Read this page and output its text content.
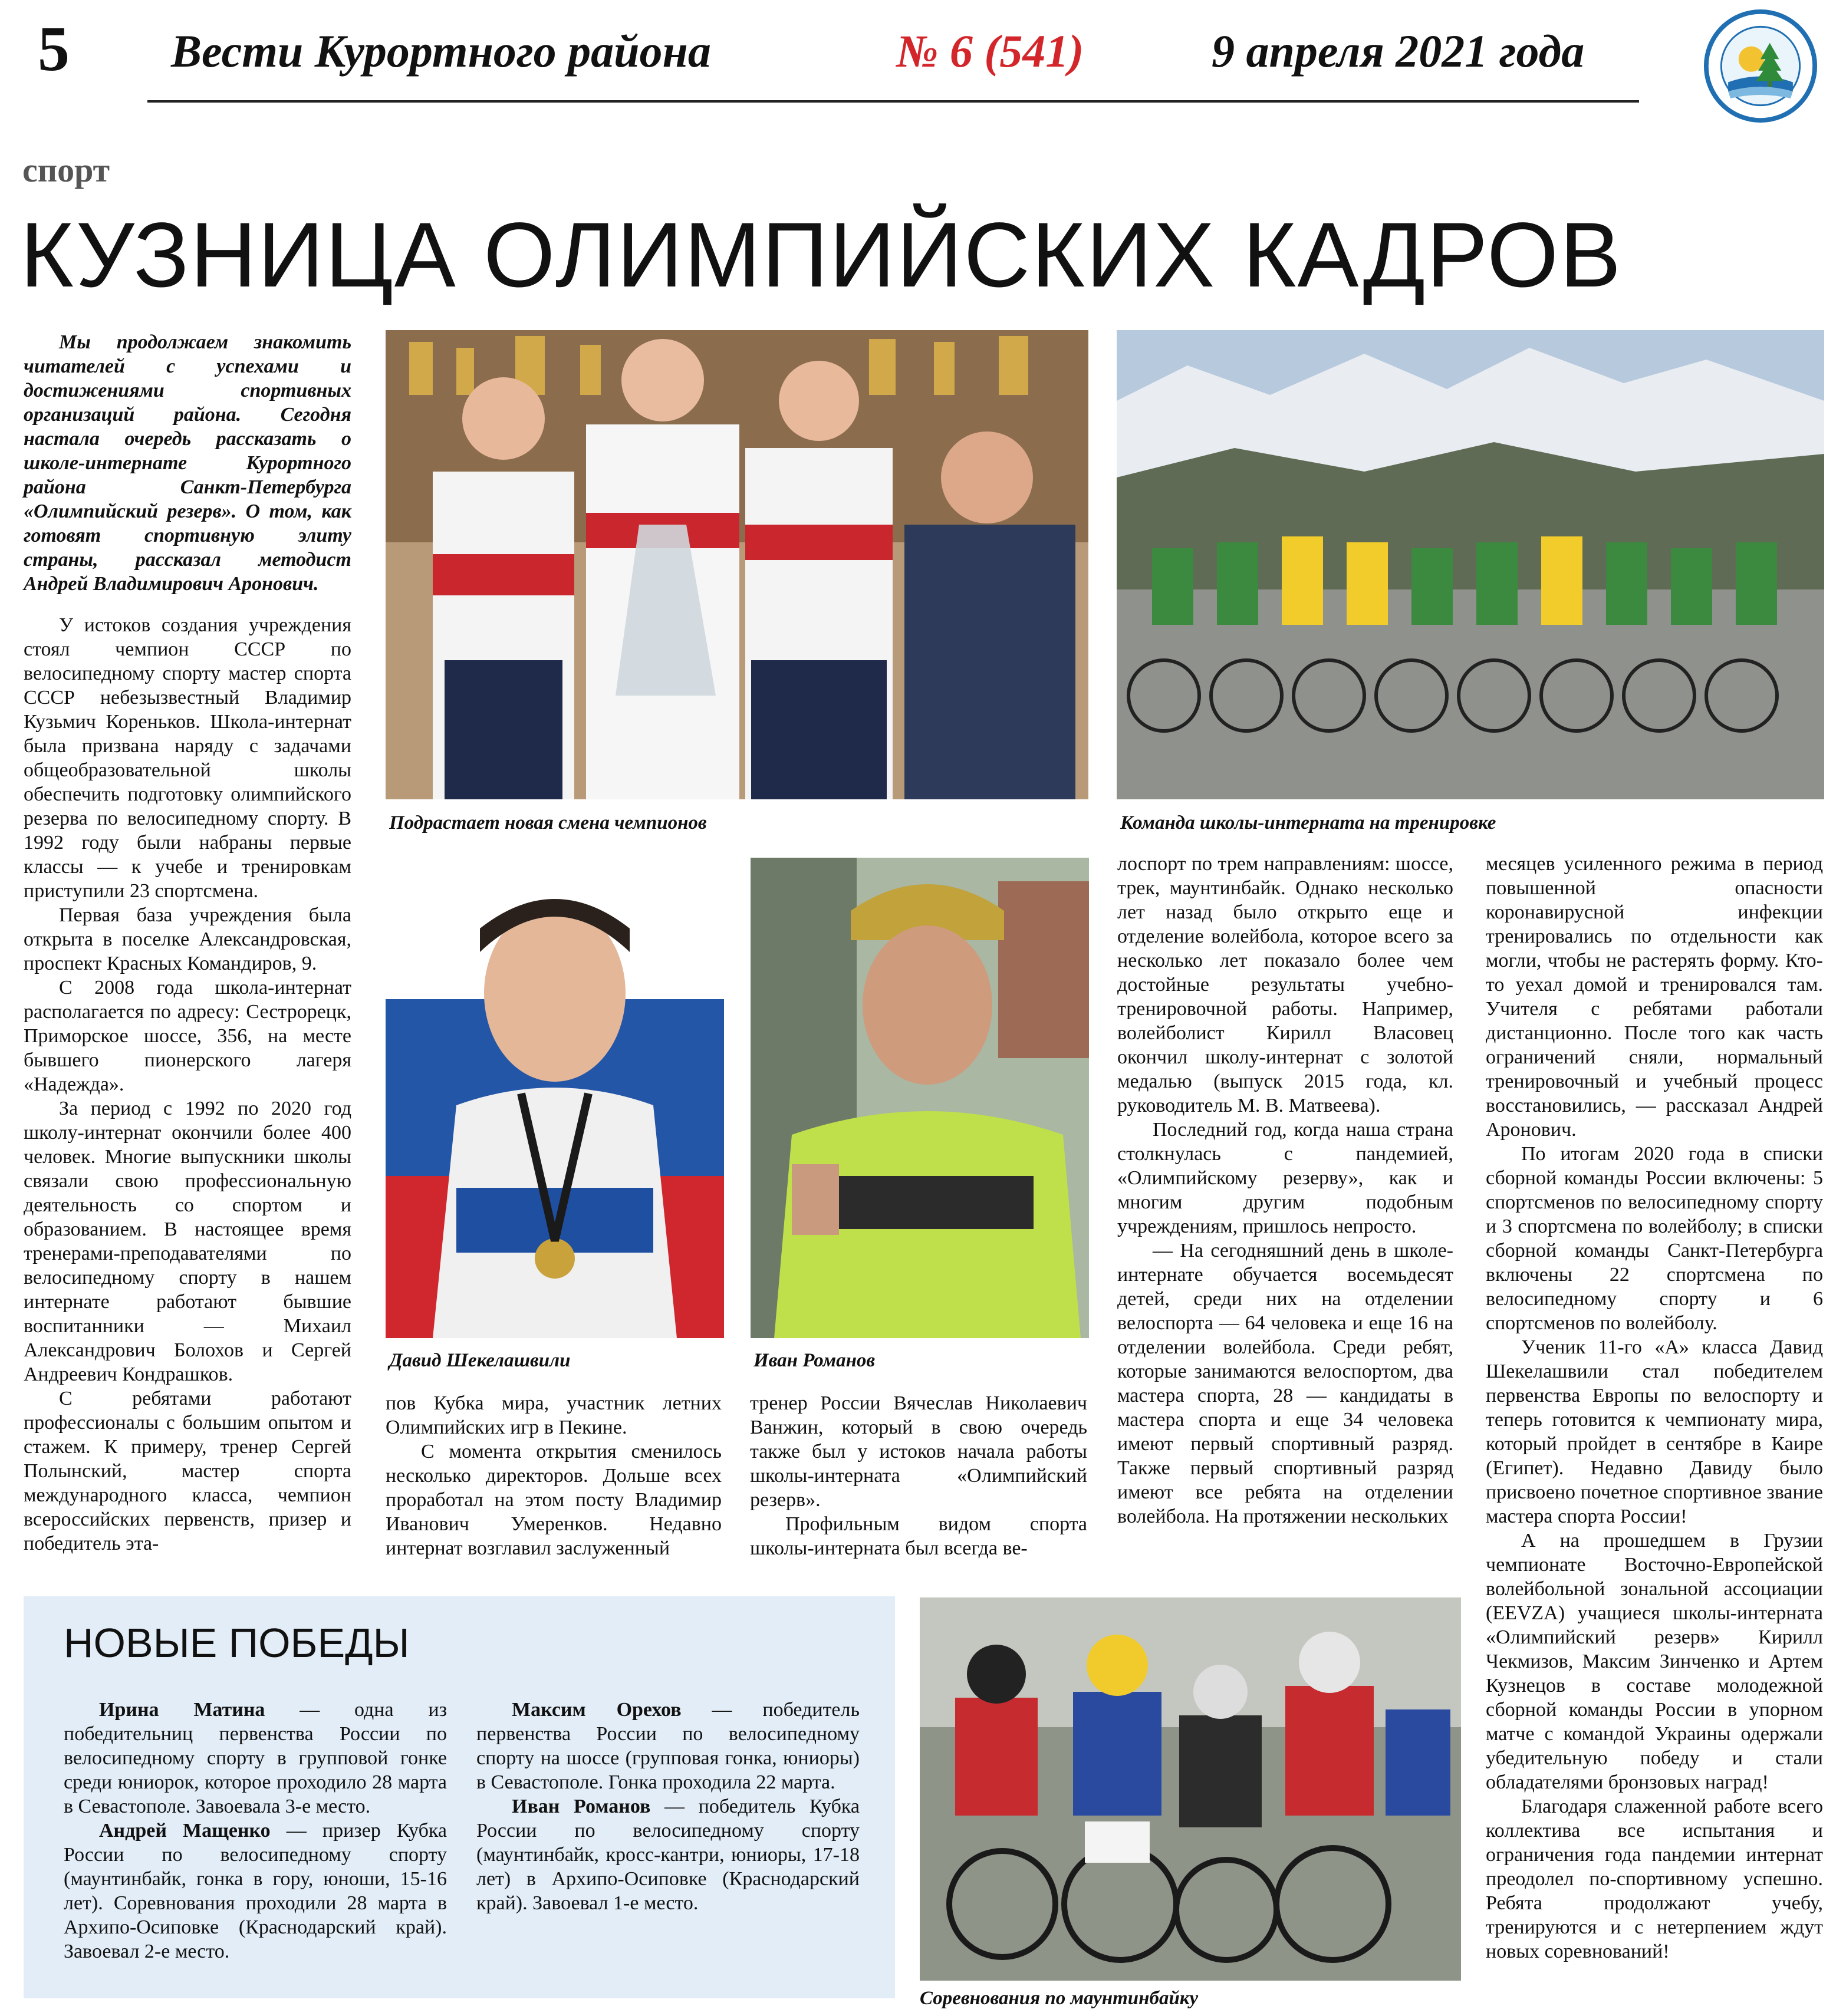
5 Вести Курортного района	№ 6 (541)	9 апреля 2021 года
спорт
КУЗНИЦА ОЛИМПИЙСКИХ КАДРОВ

Мы продолжаем знакомить читателей с успехами и достижениями спортивных организаций района. Сегодня настала очередь рассказать о школе-интернате Курортного района Санкт-Петербурга «Олимпийский резерв». О том, как готовят спортивную элиту страны, рассказал методист Андрей Владимирович Аронович.

У истоков создания учреждения стоял чемпион СССР по велосипедному спорту мастер спорта СССР небезызвестный Владимир Кузьмич Кореньков. Школа-интернат была призвана наряду с задачами общеобразовательной школы обеспечить подготовку олимпийского резерва по велосипедному спорту. В 1992 году были набраны первые классы — к учебе и тренировкам приступили 23 спортсмена.

Первая база учреждения была открыта в поселке Александровская, проспект Красных Командиров, 9.

С 2008 года школа-интернат располагается по адресу: Сестрорецк, Приморское шоссе, 356, на месте бывшего пионерского лагеря «Надежда».

За период с 1992 по 2020 год школу-интернат окончили более 400 человек. Многие выпускники школы связали свою профессиональную деятельность со спортом и образованием. В настоящее время тренерами-преподавателями по велосипедному спорту в нашем интернате работают бывшие воспитанники — Михаил Александрович Болохов и Сергей Андреевич Кондрашков.

С ребятами работают профессионалы с большим опытом и стажем. К примеру, тренер Сергей Полынский, мастер спорта международного класса, чемпион всероссийских первенств, призер и победитель эта-

Подрастает новая смена чемпионов	Команда школы-интерната на тренировке
Давид Шекелашвили	Иван Романов
Соревнования по маунтинбайку

пов Кубка мира, участник летних Олимпийских игр в Пекине.

С момента открытия сменилось несколько директоров. Дольше всех проработал на этом посту Владимир Иванович Умеренков. Недавно интернат возглавил заслуженный

тренер России Вячеслав Николаевич Ванжин, который в свою очередь также был у истоков начала работы школы-интерната «Олимпийский резерв».

Профильным видом спорта школы-интерната был всегда ве-

лоспорт по трем направлениям: шоссе, трек, маунтинбайк. Однако несколько лет назад было открыто еще и отделение волейбола, которое всего за несколько лет показало более чем достойные результаты учебно-тренировочной работы. Например, волейболист Кирилл Власовец окончил школу-интернат с золотой медалью (выпуск 2015 года, кл. руководитель М. В. Матвеева).

Последний год, когда наша страна столкнулась с пандемией, «Олимпийскому резерву», как и многим другим подобным учреждениям, пришлось непросто.

— На сегодняшний день в школе-интернате обучается восемьдесят детей, среди них на отделении велоспорта — 64 человека и еще 16 на отделении волейбола. Среди ребят, которые занимаются велоспортом, два мастера спорта, 28 — кандидаты в мастера спорта и еще 34 человека имеют первый спортивный разряд. Также первый спортивный разряд имеют все ребята на отделении волейбола. На протяжении нескольких

месяцев усиленного режима в период повышенной опасности коронавирусной инфекции тренировались по отдельности как могли, чтобы не растерять форму. Кто-то уехал домой и тренировался там. Учителя с ребятами работали дистанционно. После того как часть ограничений сняли, нормальный тренировочный и учебный процесс восстановились, — рассказал Андрей Аронович.

По итогам 2020 года в списки сборной команды России включены: 5 спортсменов по велосипедному спорту и 3 спортсмена по волейболу; в списки сборной команды Санкт-Петербурга включены 22 спортсмена по велосипедному спорту и 6 спортсменов по волейболу.

Ученик 11-го «А» класса Давид Шекелашвили стал победителем первенства Европы по велоспорту и теперь готовится к чемпионату мира, который пройдет в сентябре в Каире (Египет). Недавно Давиду было присвоено почетное спортивное звание мастера спорта России!

А на прошедшем в Грузии чемпионате Восточно-Европейской волейбольной зональной ассоциации (EEVZA) учащиеся школы-интерната «Олимпийский резерв» Кирилл Чекмизов, Максим Зинченко и Артем Кузнецов в составе молодежной сборной команды России в упорном матче с командой Украины одержали убедительную победу и стали обладателями бронзовых наград!

Благодаря слаженной работе всего коллектива все испытания и ограничения года пандемии интернат преодолел по-спортивному успешно. Ребята продолжают учебу, тренируются и с нетерпением ждут новых соревнований!

НОВЫЕ ПОБЕДЫ

Ирина Матина — одна из победительниц первенства России по велосипедному спорту в групповой гонке среди юниорок, которое проходило 28 марта в Севастополе. Завоевала 3-е место.

Андрей Мащенко — призер Кубка России по велосипедному спорту (маунтинбайк, гонка в гору, юноши, 15-16 лет). Соревнования проходили 28 марта в Архипо-Осиповке (Краснодарский край). Завоевал 2-е место.

Максим Орехов — победитель первенства России по велосипедному спорту на шоссе (групповая гонка, юниоры) в Севастополе. Гонка проходила 22 марта.

Иван Романов — победитель Кубка России по велосипедному спорту (маунтинбайк, кросс-кантри, юниоры, 17-18 лет) в Архипо-Осиповке (Краснодарский край). Завоевал 1-е место.
